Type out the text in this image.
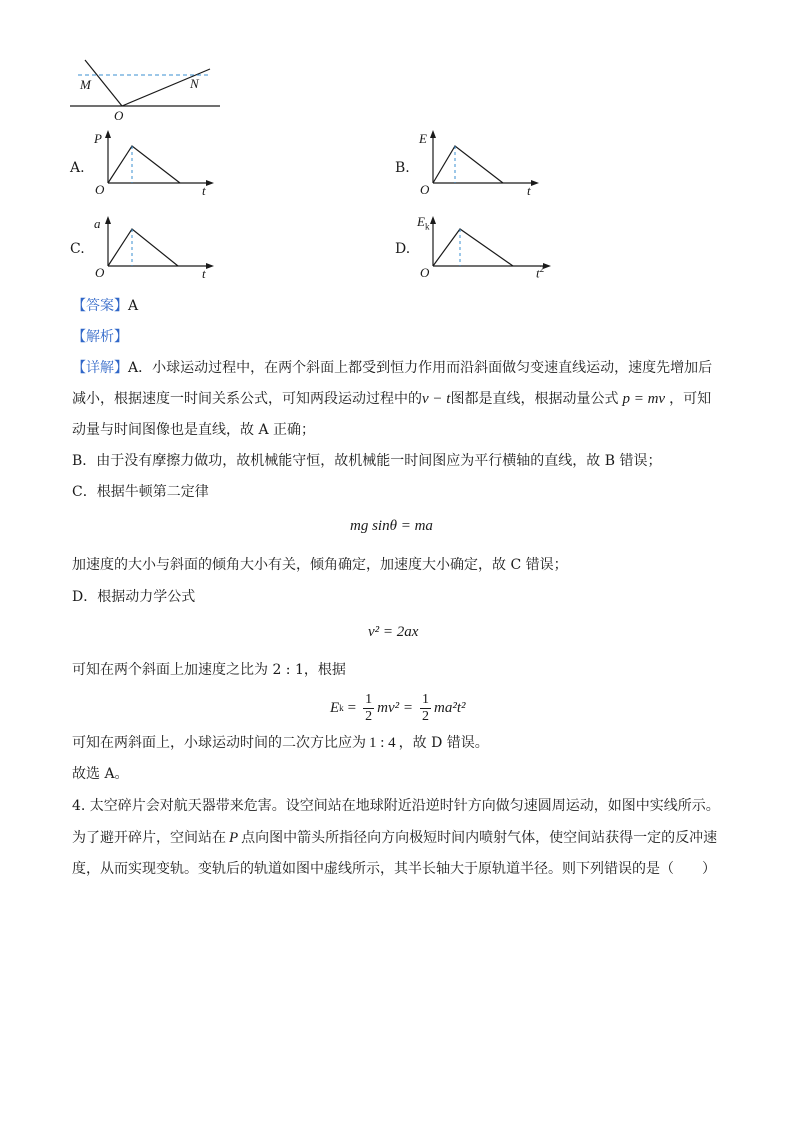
M	N
O
A.
P
O	t
B.
E
O	t
C.
a
O	t
D.
$E_k$
O	$t^2$
【答案】A
【解析】
【详解】A．小球运动过程中，在两个斜面上都受到恒力作用而沿斜面做匀变速直线运动，速度先增加后
减小，根据速度一时间关系公式，可知两段运动过程中的v − t图都是直线，根据动量公式 p = mv ，可知
动量与时间图像也是直线，故 A 正确；
B．由于没有摩擦力做功，故机械能守恒，故机械能一时间图应为平行横轴的直线，故 B 错误；
C．根据牛顿第二定律
mg sinθ = ma
加速度的大小与斜面的倾角大小有关，倾角确定，加速度大小确定，故 C 错误；
D．根据动力学公式
v² = 2ax
可知在两个斜面上加速度之比为 2 : 1，根据
E $k = \frac{1}{2} mv^2 = \frac{1}{2} ma^2t^2$
可知在两斜面上，小球运动时间的二次方比应为 1 : 4 ，故 D 错误。
故选 A。
4. 太空碎片会对航天器带来危害。设空间站在地球附近沿逆时针方向做匀速圆周运动，如图中实线所示。
为了避开碎片，空间站在 P 点向图中箭头所指径向方向极短时间内喷射气体，使空间站获得一定的反冲速
度，从而实现变轨。变轨后的轨道如图中虚线所示，其半长轴大于原轨道半径。则下列错误的是（　　）
